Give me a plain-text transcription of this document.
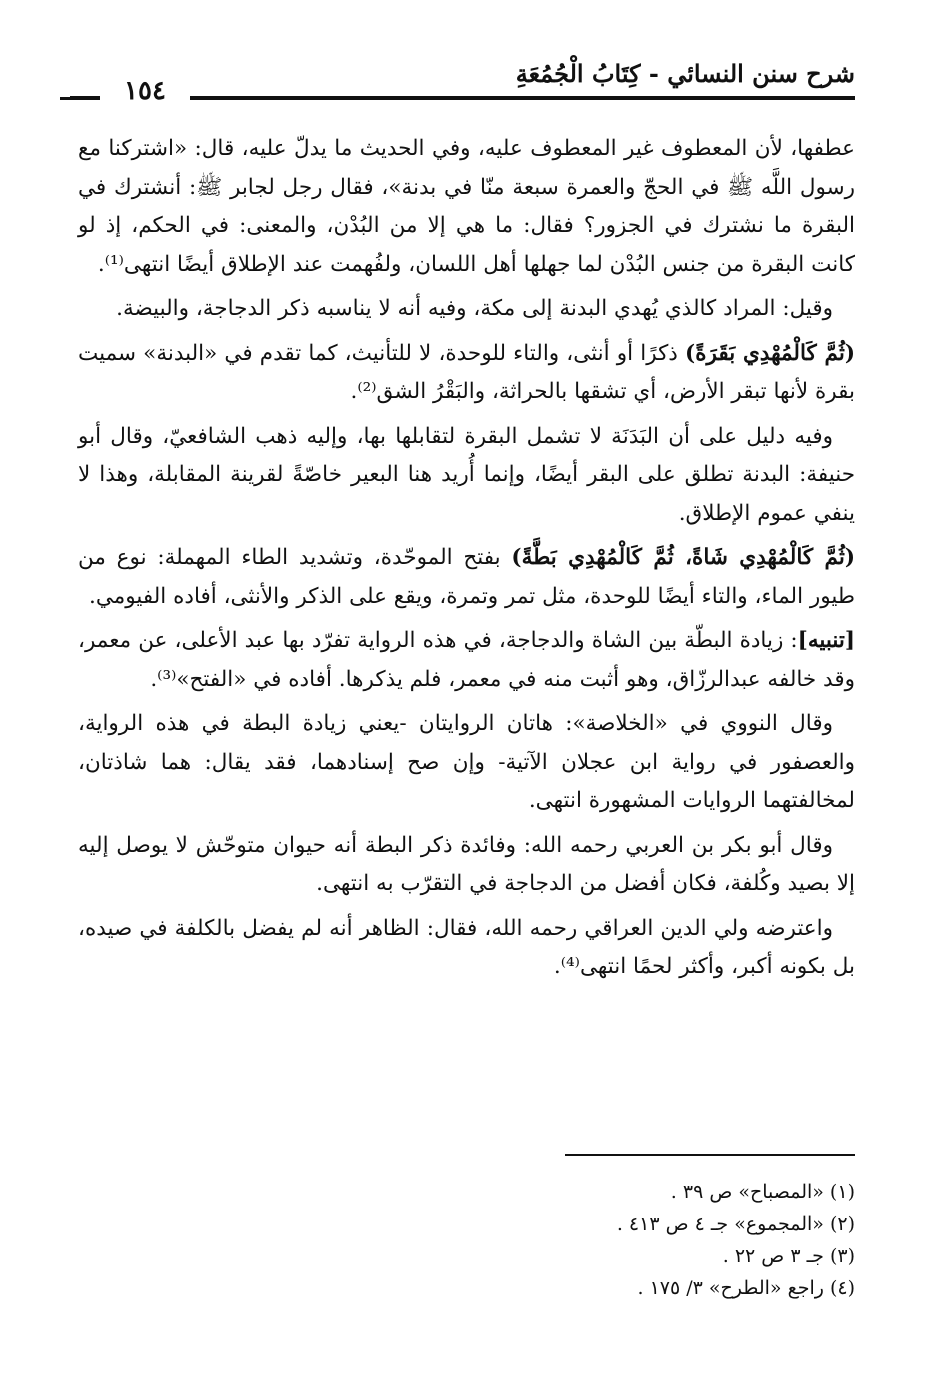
شرح سنن النسائي - كِتَابُ الْجُمُعَةِ
١٥٤

عطفها، لأن المعطوف غير المعطوف عليه، وفي الحديث ما يدلّ عليه، قال: «اشتركنا مع رسول اللَّه ﷺ في الحجّ والعمرة سبعة منّا في بدنة»، فقال رجل لجابر ﷺ: أنشترك في البقرة ما نشترك في الجزور؟ فقال: ما هي إلا من البُدْن، والمعنى: في الحكم، إذ لو كانت البقرة من جنس البُدْن لما جهلها أهل اللسان، ولفُهمت عند الإطلاق أيضًا انتهى⁽¹⁾.

وقيل: المراد كالذي يُهدي البدنة إلى مكة، وفيه أنه لا يناسبه ذكر الدجاجة، والبيضة.

(ثُمَّ كَالْمُهْدِي بَقَرَةً) ذكرًا أو أنثى، والتاء للوحدة، لا للتأنيث، كما تقدم في «البدنة» سميت بقرة لأنها تبقر الأرض، أي تشقها بالحراثة، والبَقْرُ الشق⁽²⁾.

وفيه دليل على أن البَدَنَة لا تشمل البقرة لتقابلها بها، وإليه ذهب الشافعيّ، وقال أبو حنيفة: البدنة تطلق على البقر أيضًا، وإنما أُريد هنا البعير خاصّةً لقرينة المقابلة، وهذا لا ينفي عموم الإطلاق.

(ثُمَّ كَالْمُهْدِي شَاةً، ثُمَّ كَالْمُهْدِي بَطَّةً) بفتح الموحّدة، وتشديد الطاء المهملة: نوع من طيور الماء، والتاء أيضًا للوحدة، مثل تمر وتمرة، ويقع على الذكر والأنثى، أفاده الفيومي.

[تنبيه]: زيادة البطّة بين الشاة والدجاجة، في هذه الرواية تفرّد بها عبد الأعلى، عن معمر، وقد خالفه عبدالرزّاق، وهو أثبت منه في معمر، فلم يذكرها. أفاده في «الفتح»⁽³⁾.

وقال النووي في «الخلاصة»: هاتان الروايتان -يعني زيادة البطة في هذه الرواية، والعصفور في رواية ابن عجلان الآتية- وإن صح إسنادهما، فقد يقال: هما شاذتان، لمخالفتهما الروايات المشهورة انتهى.

وقال أبو بكر بن العربي رحمه الله: وفائدة ذكر البطة أنه حيوان متوحّش لا يوصل إليه إلا بصيد وكُلفة، فكان أفضل من الدجاجة في التقرّب به انتهى.

واعترضه ولي الدين العراقي رحمه الله، فقال: الظاهر أنه لم يفضل بالكلفة في صيده، بل بكونه أكبر، وأكثر لحمًا انتهى⁽⁴⁾.

(١) «المصباح» ص ٣٩ .
(٢) «المجموع» جـ ٤ ص ٤١٣ .
(٣) جـ ٣ ص ٢٢ .
(٤) راجع «الطرح» ٣/ ١٧٥ .
